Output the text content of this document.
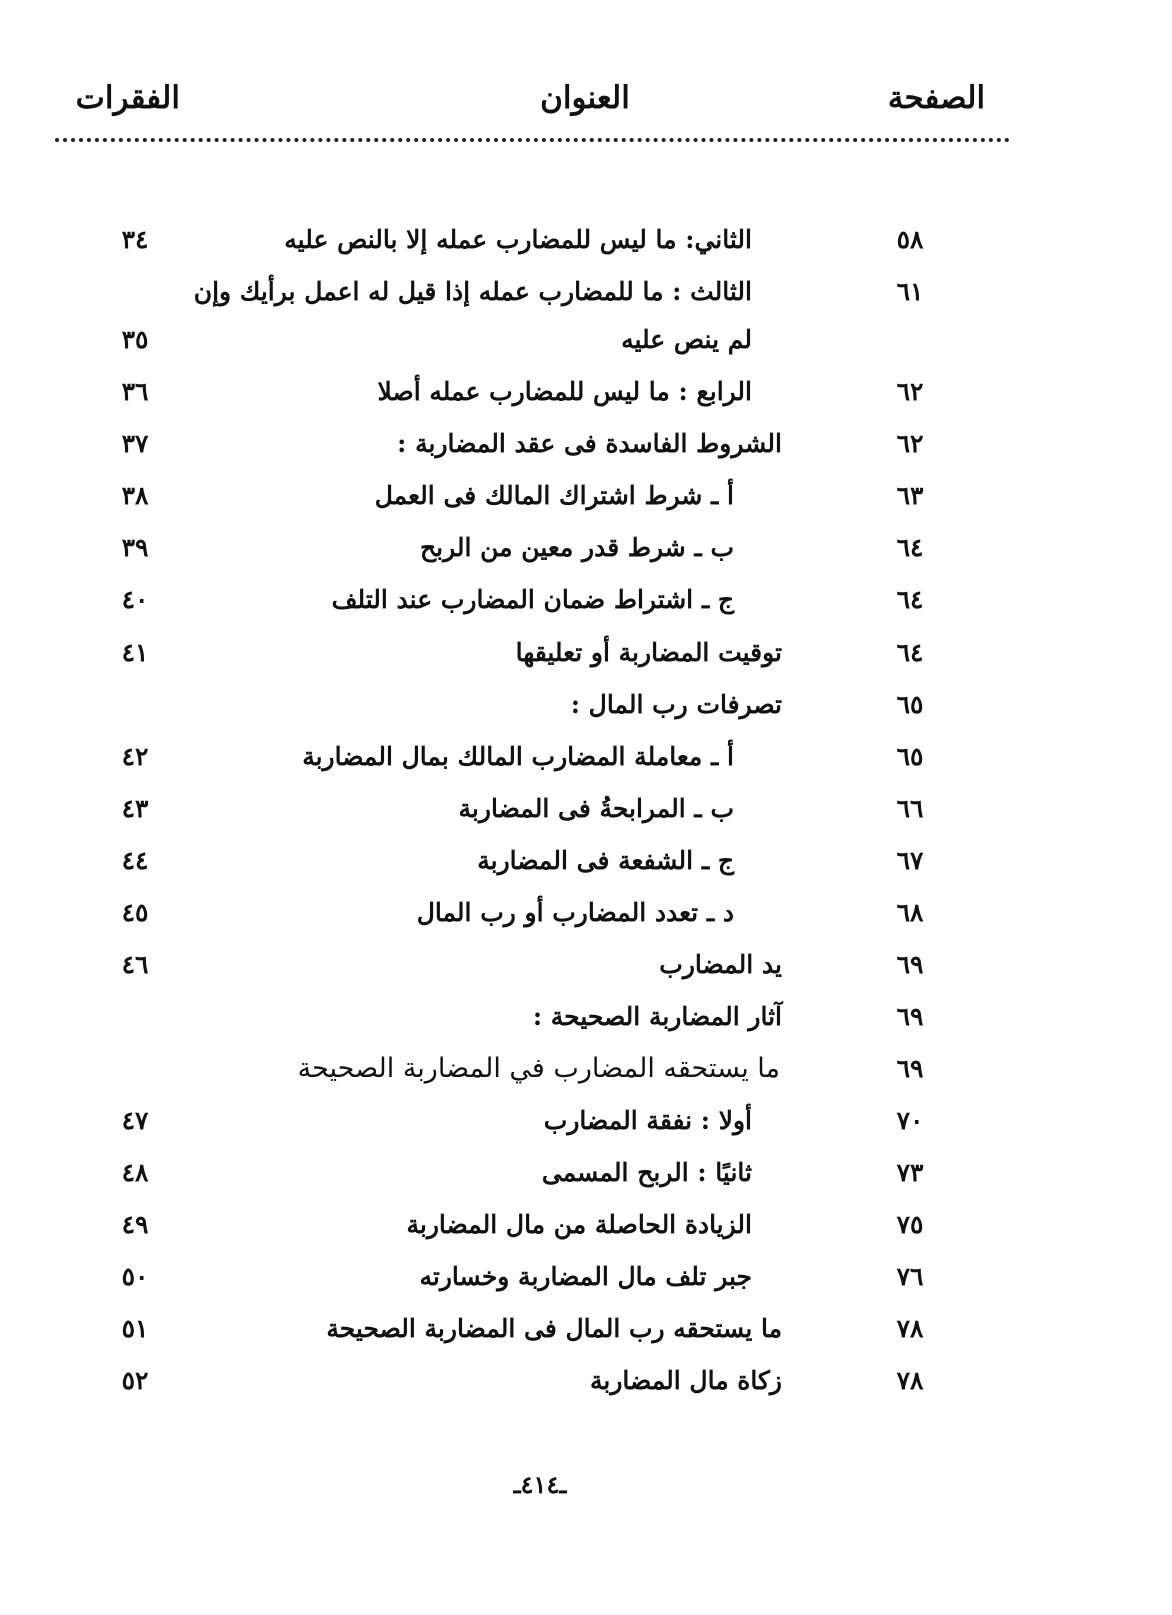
الصفحة
العنوان
الفقرات
٥٨
الثاني: ما ليس للمضارب عمله إلا بالنص عليه
٣٤
٦١
الثالث : ما للمضارب عمله إذا قيل له اعمل برأيك وإن
لم ينص عليه
٣٥
٦٢
الرابع : ما ليس للمضارب عمله أصلا
٣٦
٦٢
الشروط الفاسدة فى عقد المضاربة :
٣٧
٦٣
أ ـ شرط اشتراك المالك فى العمل
٣٨
٦٤
ب ـ شرط قدر معين من الربح
٣٩
٦٤
ج ـ اشتراط ضمان المضارب عند التلف
٤٠
٦٤
توقيت المضاربة أو تعليقها
٤١
٦٥
تصرفات رب المال :
٦٥
أ ـ معاملة المضارب المالك بمال المضاربة
٤٢
٦٦
ب ـ المرابحةُ فى المضاربة
٤٣
٦٧
ج ـ الشفعة فى المضاربة
٤٤
٦٨
د ـ تعدد المضارب أو رب المال
٤٥
٦٩
يد المضارب
٤٦
٦٩
آثار المضاربة الصحيحة :
٦٩
ما يستحقه المضارب في المضاربة الصحيحة
٧٠
أولا : نفقة المضارب
٤٧
٧٣
ثانيًا : الربح المسمى
٤٨
٧٥
الزيادة الحاصلة من مال المضاربة
٤٩
٧٦
جبر تلف مال المضاربة وخسارته
٥٠
٧٨
ما يستحقه رب المال فى المضاربة الصحيحة
٥١
٧٨
زكاة مال المضاربة
٥٢
ـ٤١٤ـ
